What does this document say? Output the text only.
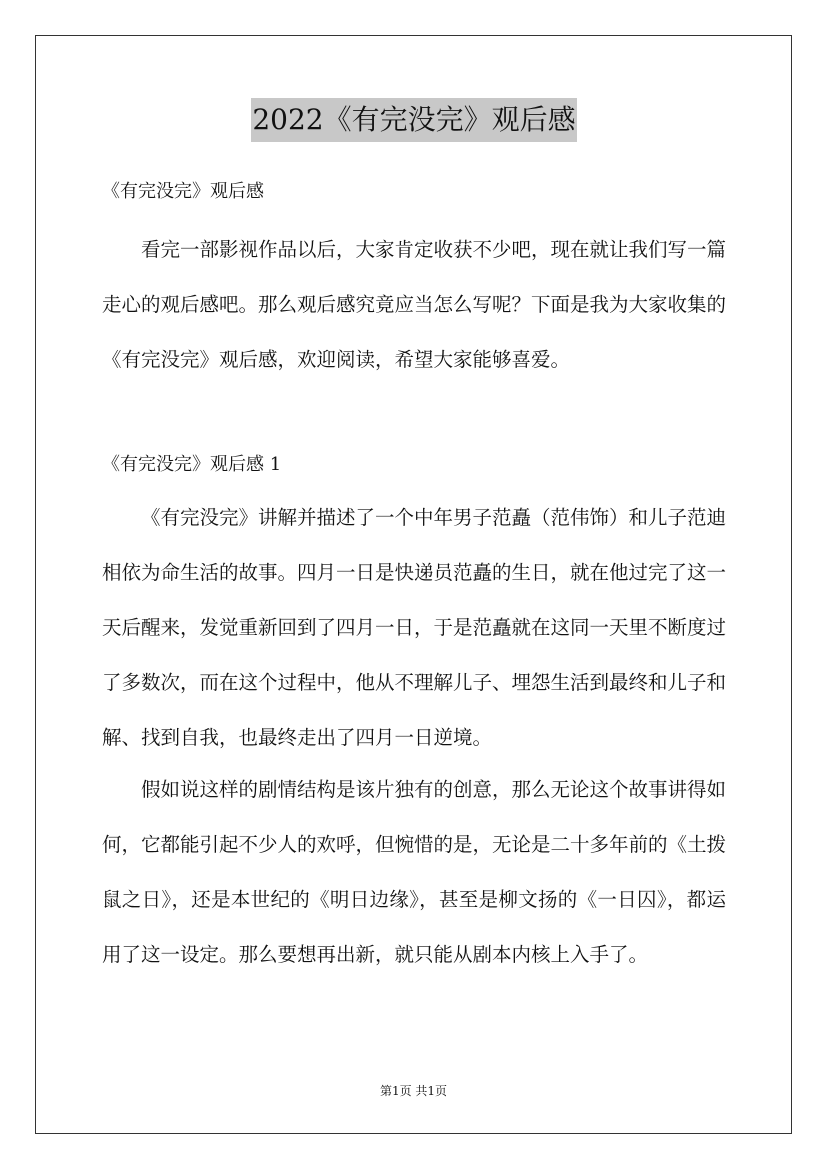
2022《有完没完》观后感
《有完没完》观后感
看完一部影视作品以后，大家肯定收获不少吧，现在就让我们写一篇走心的观后感吧。那么观后感究竟应当怎么写呢？下面是我为大家收集的《有完没完》观后感，欢迎阅读，希望大家能够喜爱。
《有完没完》观后感 1
《有完没完》讲解并描述了一个中年男子范矗（范伟饰）和儿子范迪相依为命生活的故事。四月一日是快递员范矗的生日，就在他过完了这一天后醒来，发觉重新回到了四月一日，于是范矗就在这同一天里不断度过了多数次，而在这个过程中，他从不理解儿子、埋怨生活到最终和儿子和解、找到自我，也最终走出了四月一日逆境。
假如说这样的剧情结构是该片独有的创意，那么无论这个故事讲得如何，它都能引起不少人的欢呼，但惋惜的是，无论是二十多年前的《土拨鼠之日》，还是本世纪的《明日边缘》，甚至是柳文扬的《一日囚》，都运用了这一设定。那么要想再出新，就只能从剧本内核上入手了。
第1页 共1页
